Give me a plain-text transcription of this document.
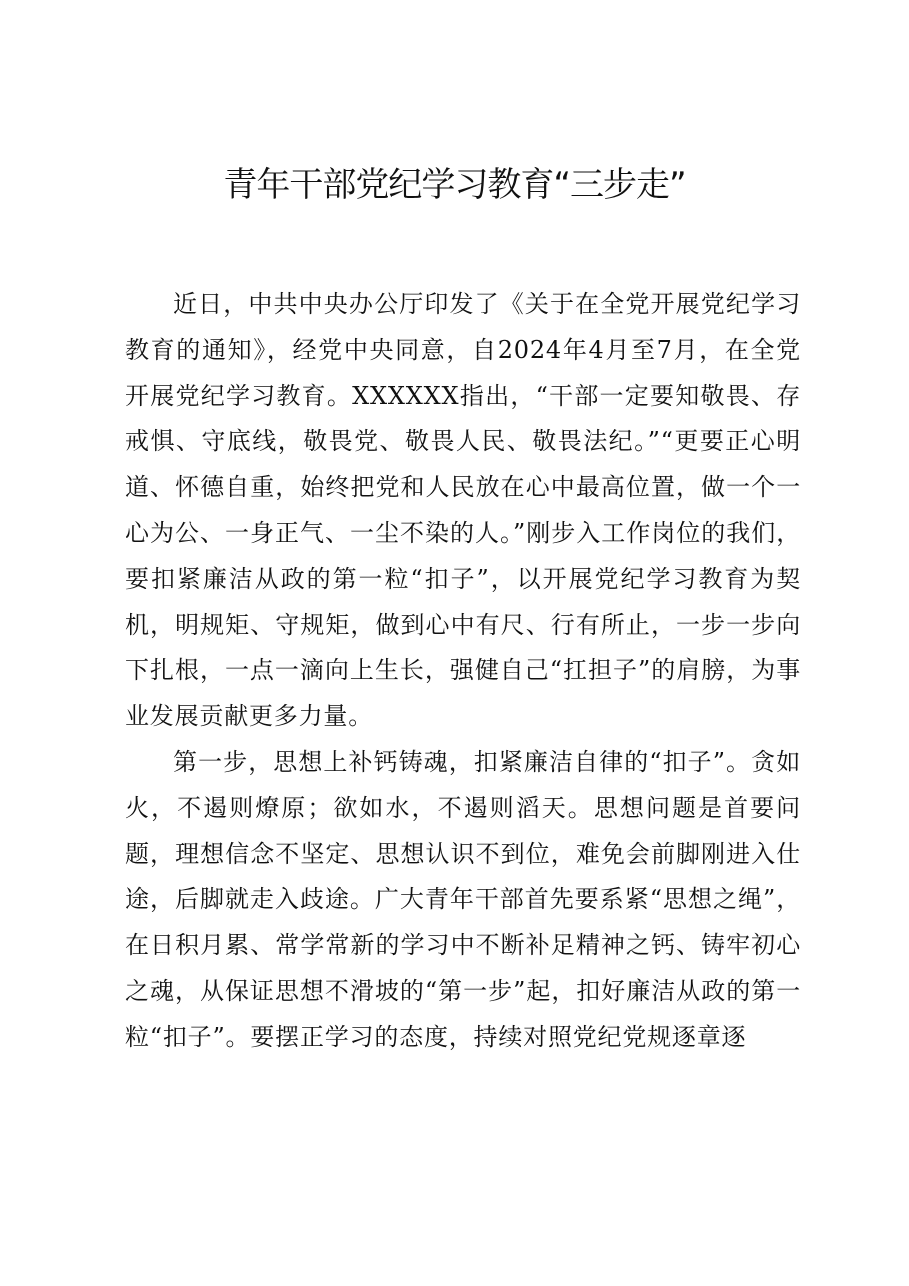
青年干部党纪学习教育“三步走”

近日，中共中央办公厅印发了《关于在全党开展党纪学习教育的通知》，经党中央同意，自2024年4月至7月，在全党开展党纪学习教育。XXXXXX指出，“干部一定要知敬畏、存戒惧、守底线，敬畏党、敬畏人民、敬畏法纪。”“更要正心明道、怀德自重，始终把党和人民放在心中最高位置，做一个一心为公、一身正气、一尘不染的人。”刚步入工作岗位的我们，要扣紧廉洁从政的第一粒“扣子”，以开展党纪学习教育为契机，明规矩、守规矩，做到心中有尺、行有所止，一步一步向下扎根，一点一滴向上生长，强健自己“扛担子”的肩膀，为事业发展贡献更多力量。

第一步，思想上补钙铸魂，扣紧廉洁自律的“扣子”。贪如火，不遏则燎原；欲如水，不遏则滔天。思想问题是首要问题，理想信念不坚定、思想认识不到位，难免会前脚刚进入仕途，后脚就走入歧途。广大青年干部首先要系紧“思想之绳”，在日积月累、常学常新的学习中不断补足精神之钙、铸牢初心之魂，从保证思想不滑坡的“第一步”起，扣好廉洁从政的第一粒“扣子”。要摆正学习的态度，持续对照党纪党规逐章逐
